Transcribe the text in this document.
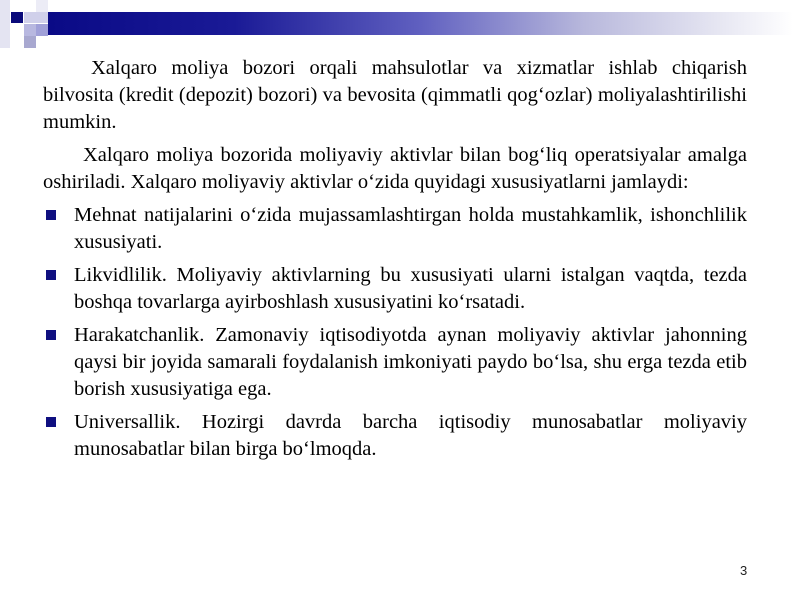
Xalqaro moliya bozori orqali mahsulotlar va xizmatlar ishlab chiqarish bilvosita (kredit (depozit) bozori) va bevosita (qimmatli qog‘ozlar) moliyalashtirilishi mumkin.

Xalqaro moliya bozorida moliyaviy aktivlar bilan bog‘liq operatsiyalar amalga oshiriladi. Xalqaro moliyaviy aktivlar o‘zida quyidagi xususiyatlarni jamlaydi:

Mehnat natijalarini o‘zida mujassamlashtirgan holda mustahkamlik, ishonchlilik xususiyati.
Likvidlilik. Moliyaviy aktivlarning bu xususiyati ularni istalgan vaqtda, tezda boshqa tovarlarga ayirboshlash xususiyatini ko‘rsatadi.
Harakatchanlik. Zamonaviy iqtisodiyotda aynan moliyaviy aktivlar jahonning qaysi bir joyida samarali foydalanish imkoniyati paydo bo‘lsa, shu erga tezda etib borish xususiyatiga ega.
Universallik. Hozirgi davrda barcha iqtisodiy munosabatlar moliyaviy munosabatlar bilan birga bo‘lmoqda.
3
